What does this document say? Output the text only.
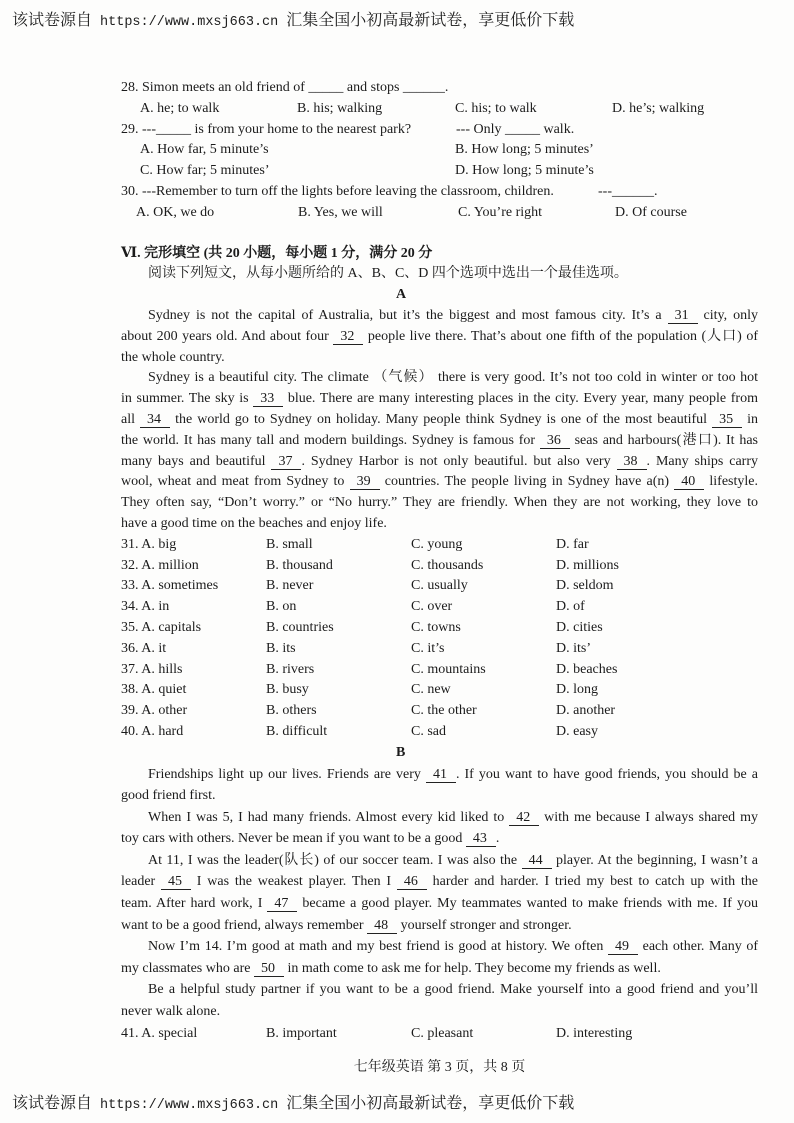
该试卷源自 https://www.mxsj663.cn 汇集全国小初高最新试卷，享更低价下载
28. Simon meets an old friend of _____ and stops ______.
A. he; to walk	B. his; walking	C. his; to walk	D. he’s; walking
29. ---_____ is from your home to the nearest park?	--- Only _____ walk.
A. How far, 5 minute’s	B. How long; 5 minutes’
C. How far; 5 minutes’	D. How long; 5 minute’s
30. ---Remember to turn off the lights before leaving the classroom, children.	---______.
A. OK, we do	B. Yes, we will	C. You’re right	D. Of course
Ⅵ. 完形填空 (共 20 小题，每小题 1 分，满分 20 分
阅读下列短文，从每小题所给的 A、B、C、D 四个选项中选出一个最佳选项。
A
Sydney is not the capital of Australia, but it’s the biggest and most famous city. It’s a 31 city, only
about 200 years old. And about four 32 people live there. That’s about one fifth of the population (人口) of
the whole country.
Sydney is a beautiful city. The climate （气候） there is very good. It’s not too cold in winter or too hot
in summer. The sky is 33 blue. There are many interesting places in the city. Every year, many people from
all 34 the world go to Sydney on holiday. Many people think Sydney is one of the most beautiful 35 in
the world. It has many tall and modern buildings. Sydney is famous for 36 seas and harbours(港口). It has
many bays and beautiful 37 . Sydney Harbor is not only beautiful. but also very 38 . Many ships carry
wool, wheat and meat from Sydney to 39 countries. The people living in Sydney have a(n) 40 lifestyle.
They often say, “Don’t worry.” or “No hurry.” They are friendly. When they are not working, they love to
have a good time on the beaches and enjoy life.
31. A. big	B. small	C. young	D. far
32. A. million	B. thousand	C. thousands	D. millions
33. A. sometimes	B. never	C. usually	D. seldom
34. A. in	B. on	C. over	D. of
35. A. capitals	B. countries	C. towns	D. cities
36. A. it	B. its	C. it’s	D. its’
37. A. hills	B. rivers	C. mountains	D. beaches
38. A. quiet	B. busy	C. new	D. long
39. A. other	B. others	C. the other	D. another
40. A. hard	B. difficult	C. sad	D. easy
B
Friendships light up our lives. Friends are very 41 . If you want to have good friends, you should be a
good friend first.
When I was 5, I had many friends. Almost every kid liked to 42 with me because I always shared my
toy cars with others. Never be mean if you want to be a good 43 .
At 11, I was the leader(队长) of our soccer team. I was also the 44 player. At the beginning, I wasn’t a
leader 45 I was the weakest player. Then I 46 harder and harder. I tried my best to catch up with the
team. After hard work, I 47 became a good player. My teammates wanted to make friends with me. If you
want to be a good friend, always remember 48 yourself stronger and stronger.
Now I’m 14. I’m good at math and my best friend is good at history. We often 49 each other. Many of
my classmates who are 50 in math come to ask me for help. They become my friends as well.
Be a helpful study partner if you want to be a good friend. Make yourself into a good friend and you’ll
never walk alone.
41. A. special	B. important	C. pleasant	D. interesting
七年级英语 第 3 页，共 8 页
该试卷源自 https://www.mxsj663.cn 汇集全国小初高最新试卷，享更低价下载
